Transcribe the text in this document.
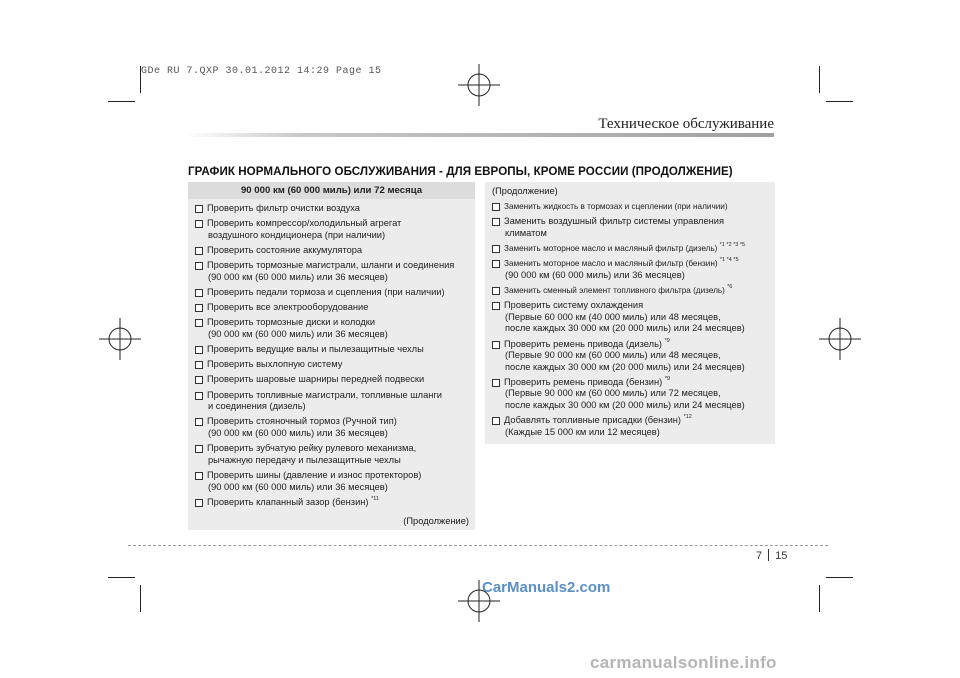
GDe RU 7.QXP 30.01.2012 14:29 Page 15
Техническое обслуживание
ГРАФИК НОРМАЛЬНОГО ОБСЛУЖИВАНИЯ - ДЛЯ ЕВРОПЫ, КРОМЕ РОССИИ (ПРОДОЛЖЕНИЕ)
90 000 км (60 000 миль) или 72 месяца
Проверить фильтр очистки воздуха
Проверить компрессор/холодильный агрегат
воздушного кондиционера (при наличии)
Проверить состояние аккумулятора
Проверить тормозные магистрали, шланги и соединения
(90 000 км (60 000 миль) или 36 месяцев)
Проверить педали тормоза и сцепления (при наличии)
Проверить все электрооборудование
Проверить тормозные диски и колодки
(90 000 км (60 000 миль) или 36 месяцев)
Проверить ведущие валы и пылезащитные чехлы
Проверить выхлопную систему
Проверить шаровые шарниры передней подвески
Проверить топливные магистрали, топливные шланги
и соединения (дизель)
Проверить стояночный тормоз (Ручной тип)
(90 000 км (60 000 миль) или 36 месяцев)
Проверить зубчатую рейку рулевого механизма,
рычажную передачу и пылезащитные чехлы
Проверить шины (давление и износ протекторов)
(90 000 км (60 000 миль) или 36 месяцев)
Проверить клапанный зазор (бензин) $^{*11}$
(Продолжение)
(Продолжение)
Заменить жидкость в тормозах и сцеплении (при наличии)
Заменить воздушный фильтр системы управления
климатом
Заменить моторное масло и масляный фильтр (дизель) $^{*1 *2 *3 *5}$
Заменить моторное масло и масляный фильтр (бензин) $^{*1 *4 *5}$
(90 000 км (60 000 миль) или 36 месяцев)
Заменить сменный элемент топливного фильтра (дизель) $^{*6}$
Проверить систему охлаждения
(Первые 60 000 км (40 000 миль) или 48 месяцев,
после каждых 30 000 км (20 000 миль) или 24 месяцев)
Проверить ремень привода (дизель) $^{*9}$
(Первые 90 000 км (60 000 миль) или 48 месяцев,
после каждых 30 000 км (20 000 миль) или 24 месяцев)
Проверить ремень привода (бензин) $^{*9}$
(Первые 90 000 км (60 000 миль) или 72 месяцев,
после каждых 30 000 км (20 000 миль) или 24 месяцев)
Добавлять топливные присадки (бензин) $^{*12}$
(Каждые 15 000 км или 12 месяцев)
7 15
CarManuals2.com
carmanualsonline.info
